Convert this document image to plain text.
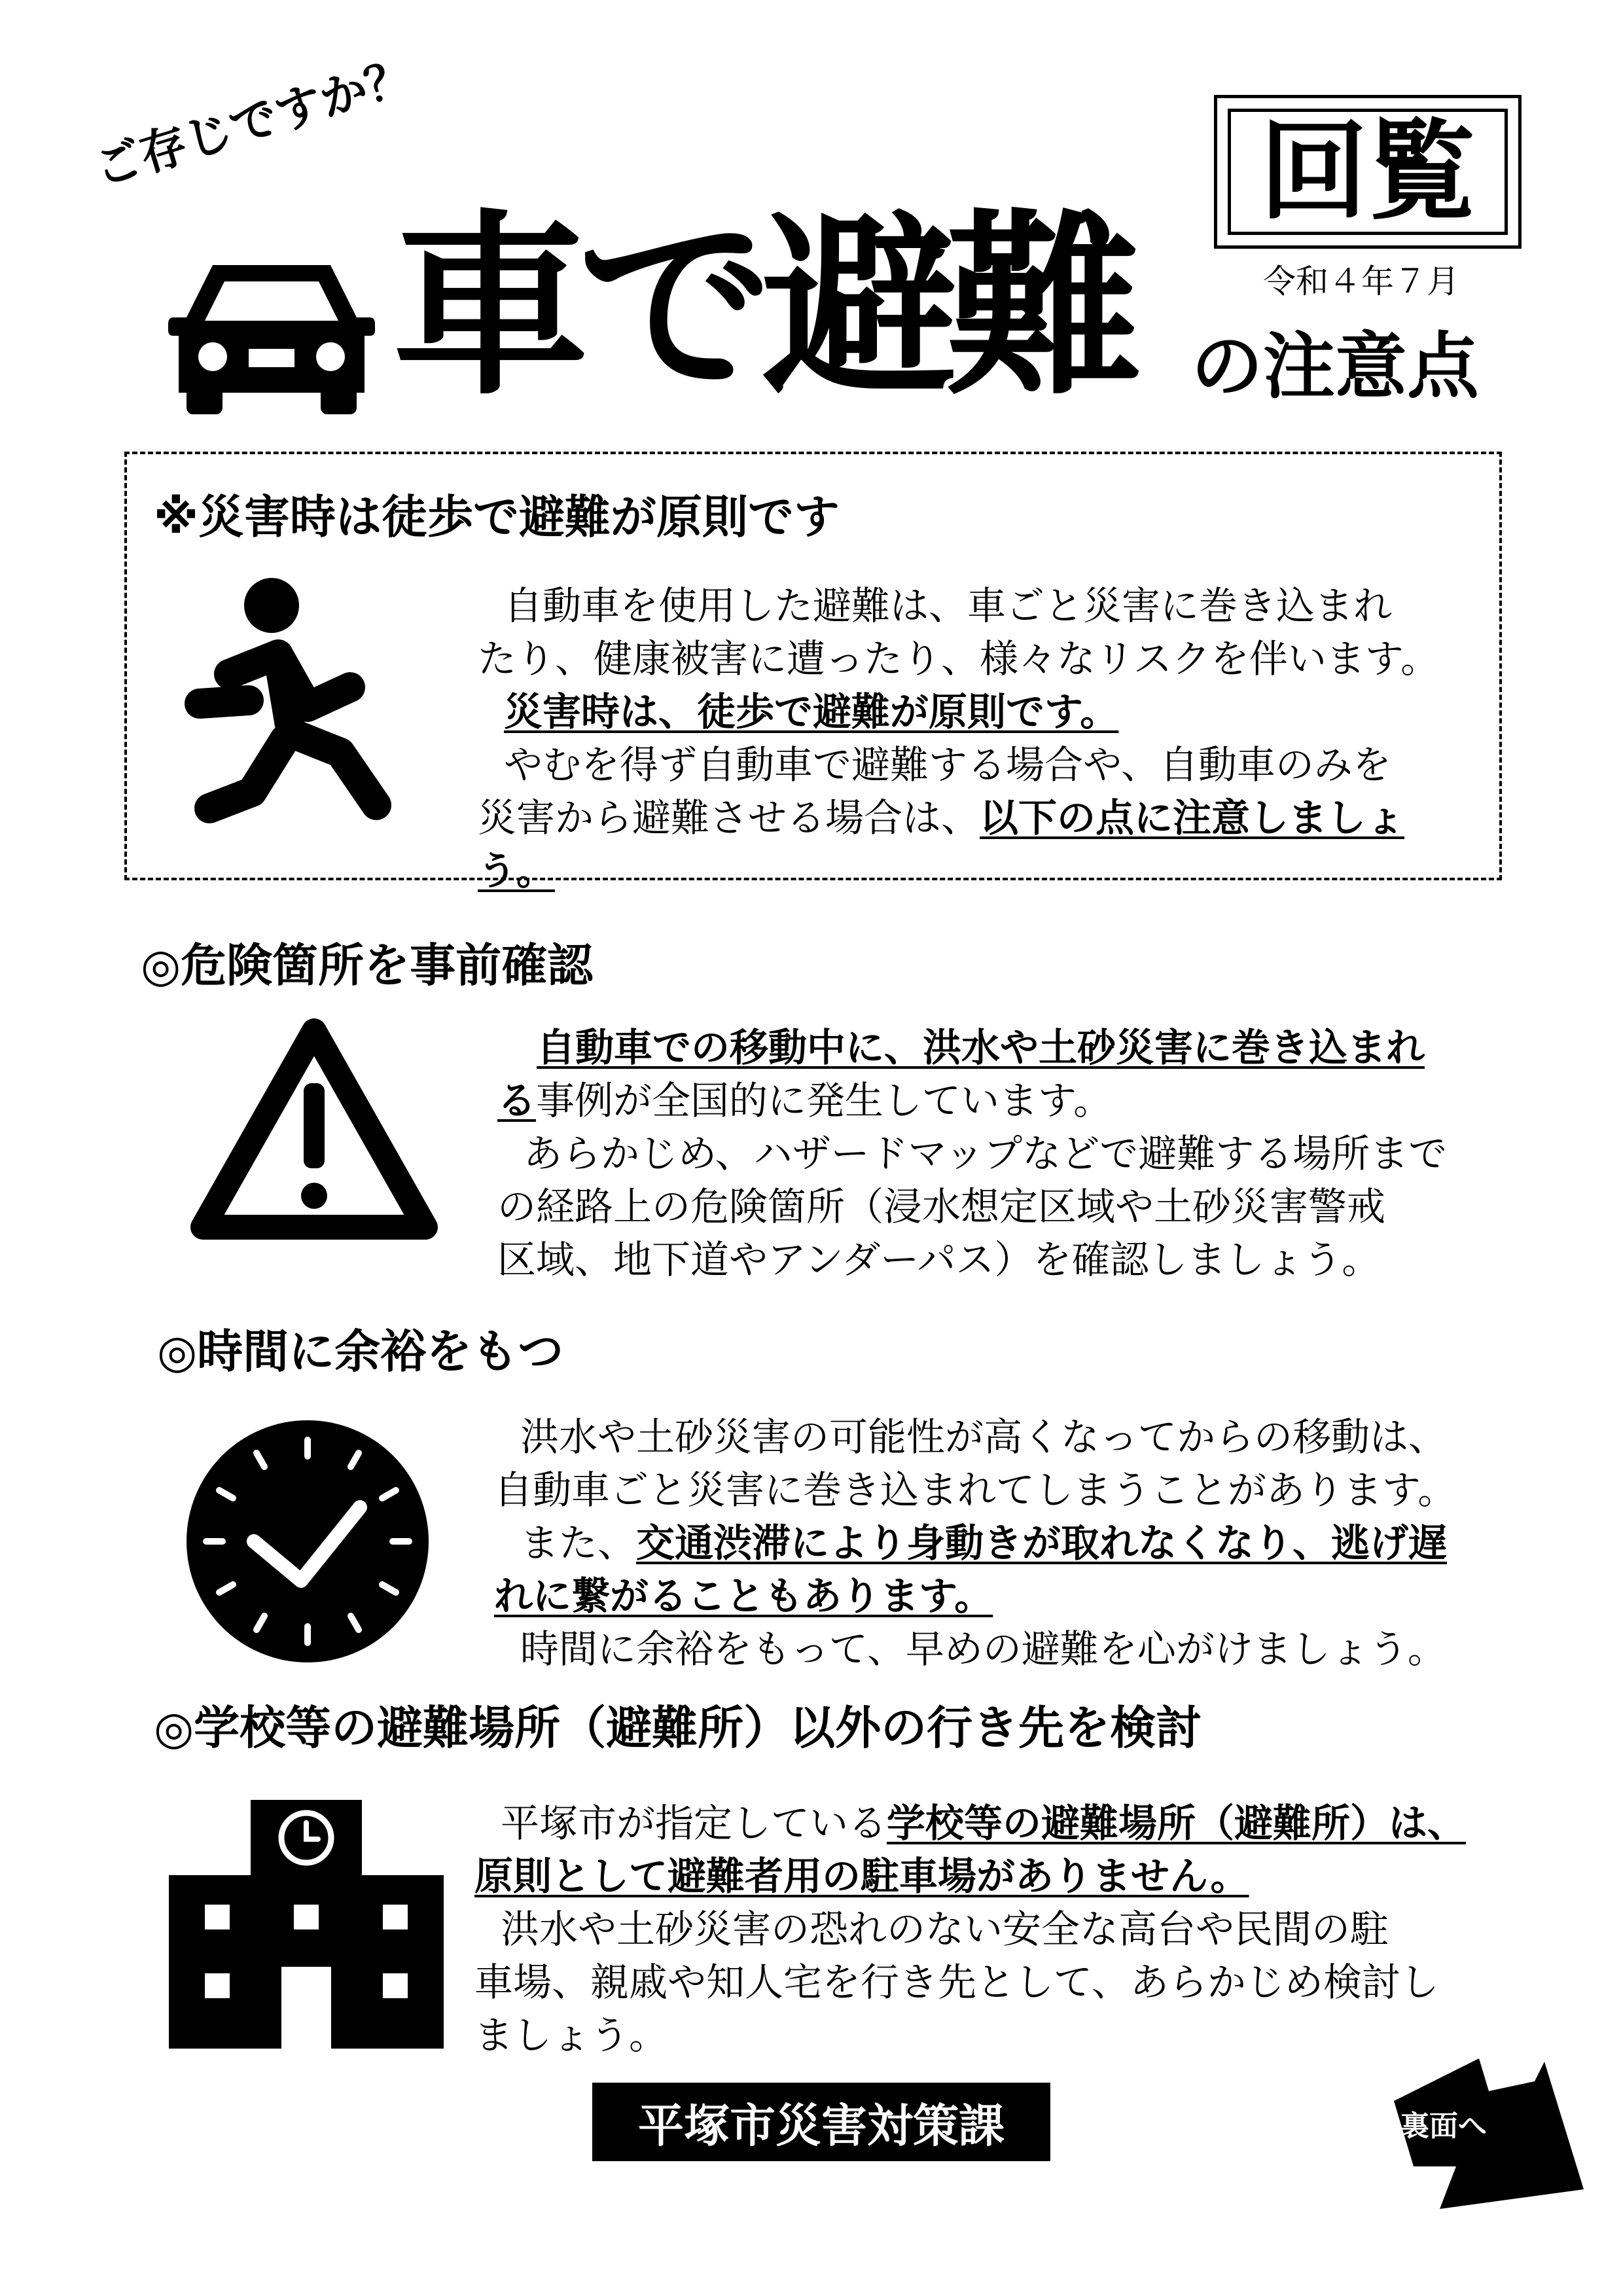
ご存じですか？
車で避難 の注意点
回覧
令和４年７月
※災害時は徒歩で避難が原則です

自動車を使用した避難は、車ごと災害に巻き込まれ

たり、健康被害に遭ったり、様々なリスクを伴います。

災害時は、徒歩で避難が原則です。

やむを得ず自動車で避難する場合や、自動車のみを

災害から避難させる場合は、以下の点に注意しましょう。

◎危険箇所を事前確認

自動車での移動中に、洪水や土砂災害に巻き込まれ

る事例が全国的に発生しています。

あらかじめ、ハザードマップなどで避難する場所まで

の経路上の危険箇所（浸水想定区域や土砂災害警戒

区域、地下道やアンダーパス）を確認しましょう。

◎時間に余裕をもつ

洪水や土砂災害の可能性が高くなってからの移動は、

自動車ごと災害に巻き込まれてしまうことがあります。

また、交通渋滞により身動きが取れなくなり、逃げ遅

れに繋がることもあります。

時間に余裕をもって、早めの避難を心がけましょう。

◎学校等の避難場所（避難所）以外の行き先を検討

平塚市が指定している学校等の避難場所（避難所）は、

原則として避難者用の駐車場がありません。

洪水や土砂災害の恐れのない安全な高台や民間の駐

車場、親戚や知人宅を行き先として、あらかじめ検討し

ましょう。

平塚市災害対策課	裏面へ
